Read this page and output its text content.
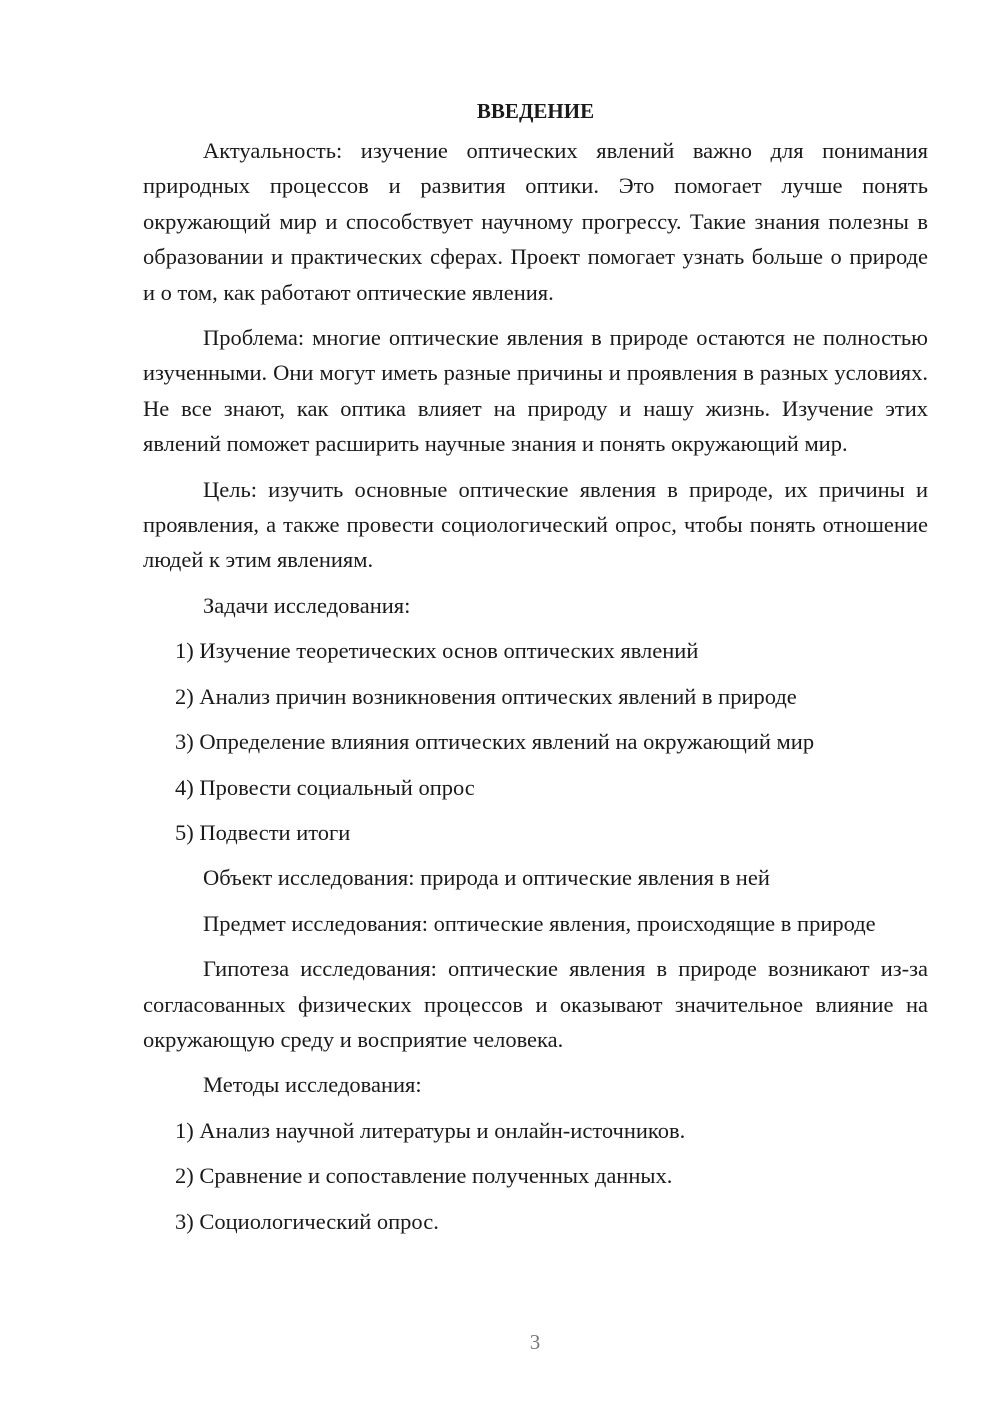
ВВЕДЕНИЕ

Актуальность: изучение оптических явлений важно для понимания природных процессов и развития оптики. Это помогает лучше понять окружающий мир и способствует научному прогрессу. Такие знания полезны в образовании и практических сферах. Проект помогает узнать больше о природе и о том, как работают оптические явления.

Проблема: многие оптические явления в природе остаются не полностью изученными. Они могут иметь разные причины и проявления в разных условиях. Не все знают, как оптика влияет на природу и нашу жизнь. Изучение этих явлений поможет расширить научные знания и понять окружающий мир.

Цель: изучить основные оптические явления в природе, их причины и проявления, а также провести социологический опрос, чтобы понять отношение людей к этим явлениям.

Задачи исследования:

1) Изучение теоретических основ оптических явлений
2) Анализ причин возникновения оптических явлений в природе
3) Определение влияния оптических явлений на окружающий мир
4) Провести социальный опрос
5) Подвести итоги

Объект исследования: природа и оптические явления в ней

Предмет исследования: оптические явления, происходящие в природе

Гипотеза исследования: оптические явления в природе возникают из-за согласованных физических процессов и оказывают значительное влияние на окружающую среду и восприятие человека.

Методы исследования:

1) Анализ научной литературы и онлайн-источников.
2) Сравнение и сопоставление полученных данных.
3) Социологический опрос.
3
